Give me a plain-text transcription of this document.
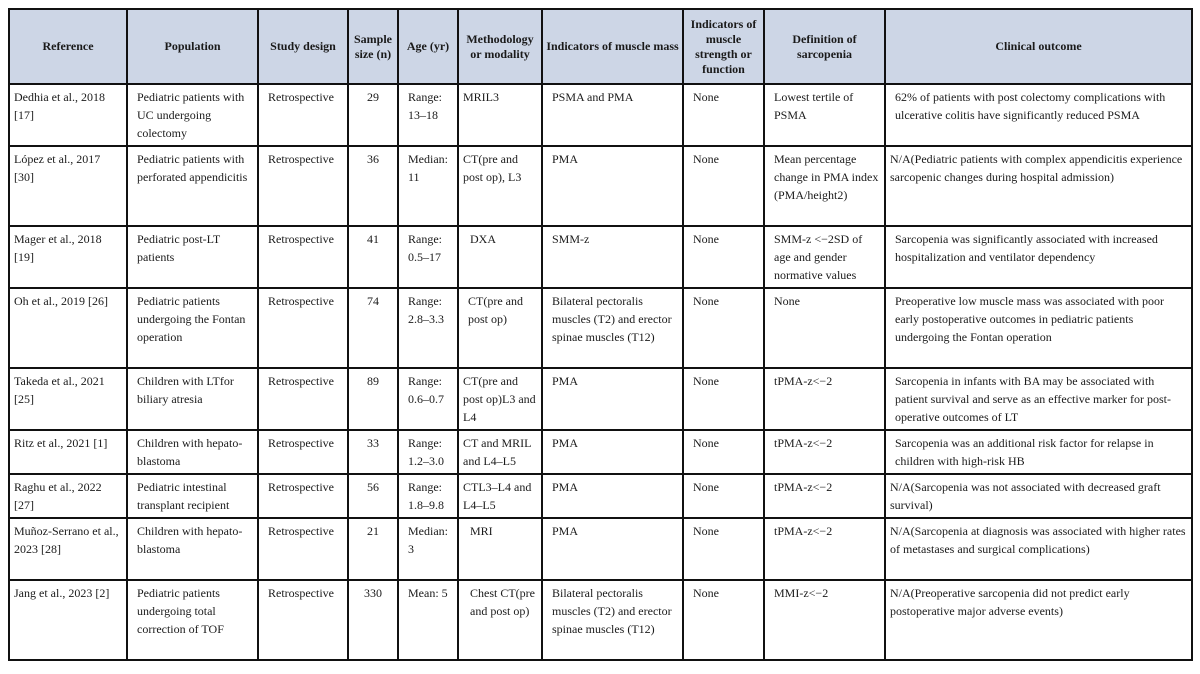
Reference	Population	Study design	Sample size (n)	Age (yr)	Methodology or modality	Indicators of muscle mass	Indicators of muscle strength or function	Definition of sarcopenia	Clinical outcome
Dedhia et al., 2018 [17]	Pediatric patients with UC undergoing colectomy	Retrospective	29	Range: 13–18	MRIL3	PSMA and PMA	None	Lowest tertile of PSMA	62% of patients with post colectomy complications with ulcerative colitis have significantly reduced PSMA
López et al., 2017 [30]	Pediatric patients with perforated appendicitis	Retrospective	36	Median: 11	CT(pre and post op), L3	PMA	None	Mean percentage change in PMA index (PMA/height2)	N/A(Pediatric patients with complex appendicitis experience sarcopenic changes during hospital admission)
Mager et al., 2018 [19]	Pediatric post-LT patients	Retrospective	41	Range: 0.5–17	DXA	SMM-z	None	SMM-z <−2SD of age and gender normative values	Sarcopenia was significantly associated with increased hospitalization and ventilator dependency
Oh et al., 2019 [26]	Pediatric patients undergoing the Fontan operation	Retrospective	74	Range: 2.8–3.3	CT(pre and post op)	Bilateral pectoralis muscles (T2) and erector spinae muscles (T12)	None	None	Preoperative low muscle mass was associated with poor early postoperative outcomes in pediatric patients undergoing the Fontan operation
Takeda et al., 2021 [25]	Children with LTfor biliary atresia	Retrospective	89	Range: 0.6–0.7	CT(pre and post op)L3 and L4	PMA	None	tPMA-z<−2	Sarcopenia in infants with BA may be associated with patient survival and serve as an effective marker for post-operative outcomes of LT
Ritz et al., 2021 [1]	Children with hepato-blastoma	Retrospective	33	Range: 1.2–3.0	CT and MRIL and L4–L5	PMA	None	tPMA-z<−2	Sarcopenia was an additional risk factor for relapse in children with high-risk HB
Raghu et al., 2022 [27]	Pediatric intestinal transplant recipient	Retrospective	56	Range: 1.8–9.8	CTL3–L4 and L4–L5	PMA	None	tPMA-z<−2	N/A(Sarcopenia was not associated with decreased graft survival)
Muñoz-Serrano et al., 2023 [28]	Children with hepato-blastoma	Retrospective	21	Median: 3	MRI	PMA	None	tPMA-z<−2	N/A(Sarcopenia at diagnosis was associated with higher rates of metastases and surgical complications)
Jang et al., 2023 [2]	Pediatric patients undergoing total correction of TOF	Retrospective	330	Mean: 5	Chest CT(pre and post op)	Bilateral pectoralis muscles (T2) and erector spinae muscles (T12)	None	MMI-z<−2	N/A(Preoperative sarcopenia did not predict early postoperative major adverse events)
